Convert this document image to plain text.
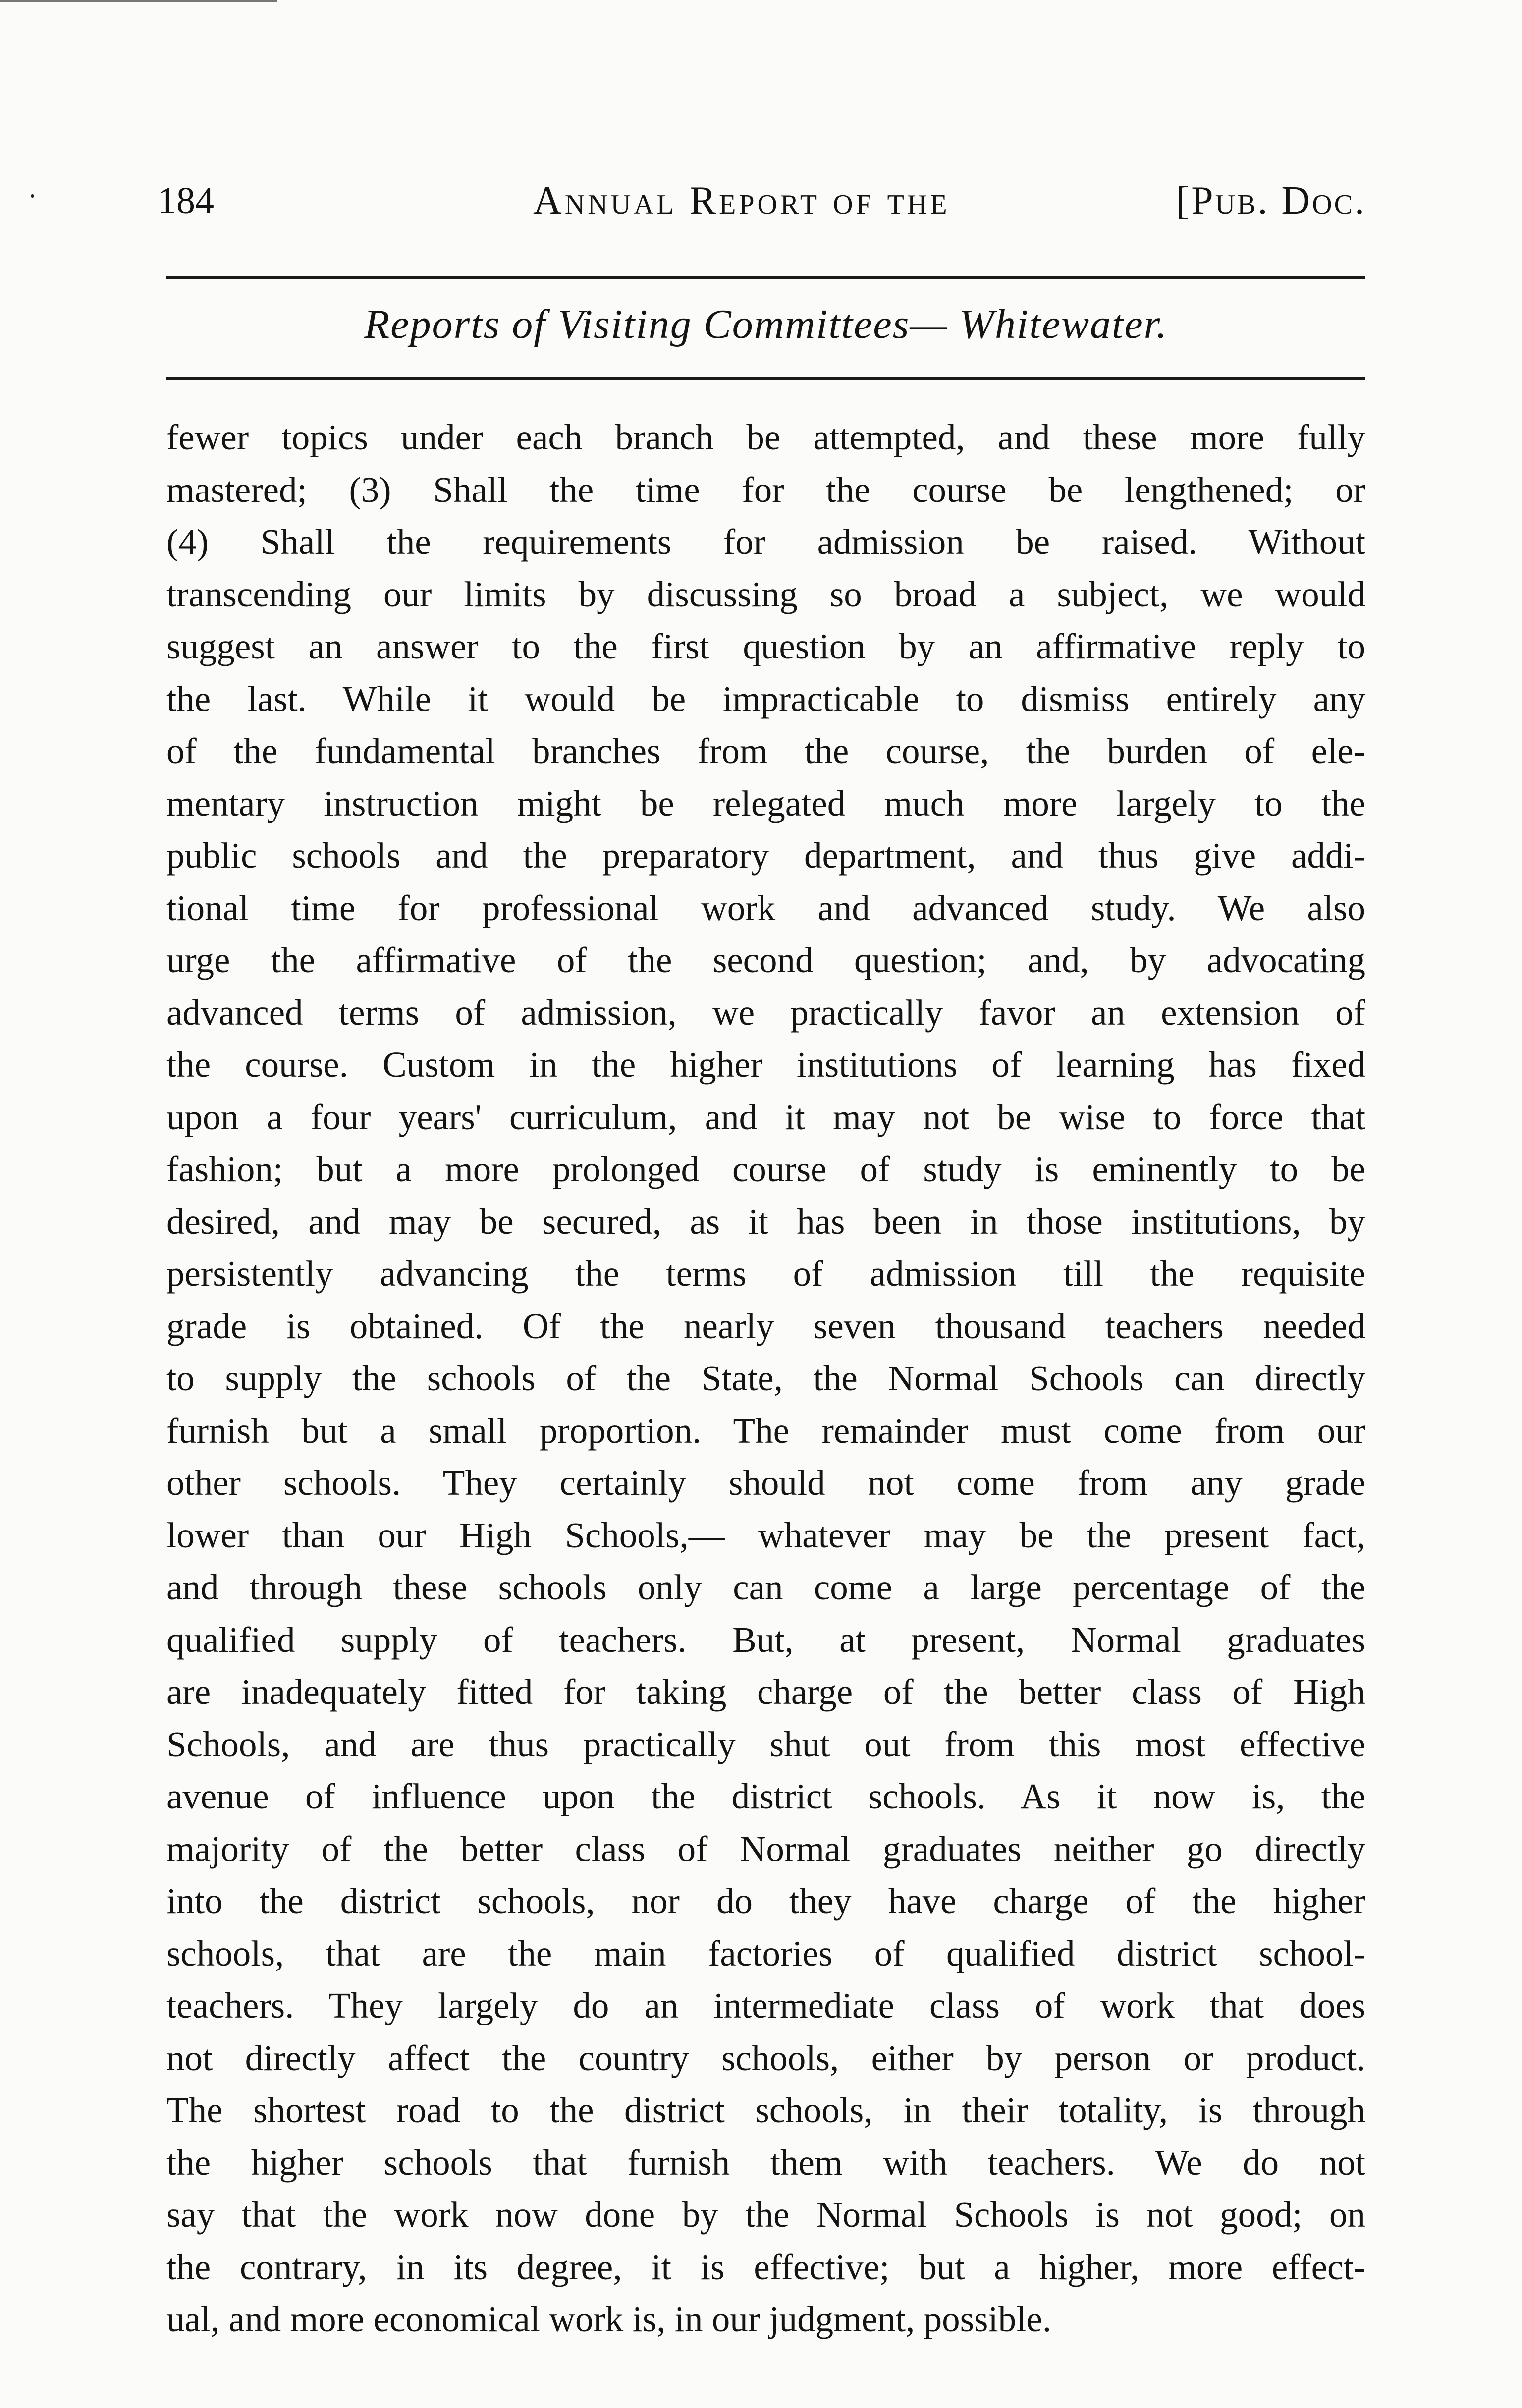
184	Annual Report of the	[Pub. Doc.
Reports of Visiting Committees— Whitewater.
fewer topics under each branch be attempted, and these more fully
mastered; (3) Shall the time for the course be lengthened; or
(4) Shall the requirements for admission be raised. Without
transcending our limits by discussing so broad a subject, we would
suggest an answer to the first question by an affirmative reply to
the last. While it would be impracticable to dismiss entirely any
of the fundamental branches from the course, the burden of ele-
mentary instruction might be relegated much more largely to the
public schools and the preparatory department, and thus give addi-
tional time for professional work and advanced study. We also
urge the affirmative of the second question; and, by advocating
advanced terms of admission, we practically favor an extension of
the course. Custom in the higher institutions of learning has fixed
upon a four years' curriculum, and it may not be wise to force that
fashion; but a more prolonged course of study is eminently to be
desired, and may be secured, as it has been in those institutions, by
persistently advancing the terms of admission till the requisite
grade is obtained. Of the nearly seven thousand teachers needed
to supply the schools of the State, the Normal Schools can directly
furnish but a small proportion. The remainder must come from our
other schools. They certainly should not come from any grade
lower than our High Schools,— whatever may be the present fact,
and through these schools only can come a large percentage of the
qualified supply of teachers. But, at present, Normal graduates
are inadequately fitted for taking charge of the better class of High
Schools, and are thus practically shut out from this most effective
avenue of influence upon the district schools. As it now is, the
majority of the better class of Normal graduates neither go directly
into the district schools, nor do they have charge of the higher
schools, that are the main factories of qualified district school-
teachers. They largely do an intermediate class of work that does
not directly affect the country schools, either by person or product.
The shortest road to the district schools, in their totality, is through
the higher schools that furnish them with teachers. We do not
say that the work now done by the Normal Schools is not good; on
the contrary, in its degree, it is effective; but a higher, more effect-
ual, and more economical work is, in our judgment, possible.
